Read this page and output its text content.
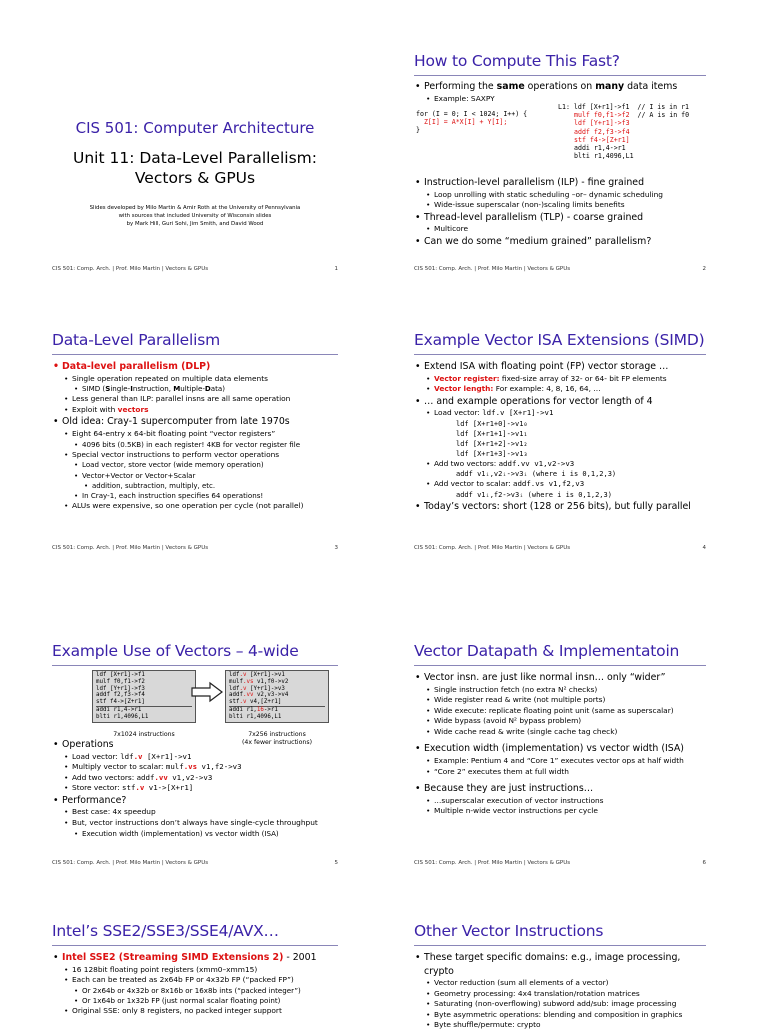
CIS 501: Computer Architecture
Unit 11: Data-Level Parallelism:
Vectors & GPUs
Slides developed by Milo Martin & Amir Roth at the University of Pennsylvania
with sources that included University of Wisconsin slides
by Mark Hill, Guri Sohi, Jim Smith, and David Wood
CIS 501: Comp. Arch. | Prof. Milo Martin | Vectors & GPUs	1
How to Compute This Fast?
• Performing the same operations on many data items
• Example: SAXPY
for (I = 0; I < 1024; I++) {
Z[I] = A*X[I] + Y[I];
}
L1: ldf [X+r1]->f1  // I is in r1
mulf f0,f1->f2  // A is in f0
ldf [Y+r1]->f3
addf f2,f3->f4
stf f4->[Z+r1]
addi r1,4->r1
blti r1,4096,L1
• Instruction-level parallelism (ILP) - fine grained
• Loop unrolling with static scheduling –or– dynamic scheduling
• Wide-issue superscalar (non-)scaling limits benefits
• Thread-level parallelism (TLP) - coarse grained
• Multicore
• Can we do some “medium grained” parallelism?
CIS 501: Comp. Arch. | Prof. Milo Martin | Vectors & GPUs	2
Data-Level Parallelism
• Data-level parallelism (DLP)
• Single operation repeated on multiple data elements
• SIMD (Single-Instruction, Multiple-Data)
• Less general than ILP: parallel insns are all same operation
• Exploit with vectors
• Old idea: Cray-1 supercomputer from late 1970s
• Eight 64-entry x 64-bit floating point “vector registers”
• 4096 bits (0.5KB) in each register! 4KB for vector register file
• Special vector instructions to perform vector operations
• Load vector, store vector (wide memory operation)
• Vector+Vector or Vector+Scalar
• addition, subtraction, multiply, etc.
• In Cray-1, each instruction specifies 64 operations!
• ALUs were expensive, so one operation per cycle (not parallel)
CIS 501: Comp. Arch. | Prof. Milo Martin | Vectors & GPUs	3
Example Vector ISA Extensions (SIMD)
• Extend ISA with floating point (FP) vector storage …
• Vector register: fixed-size array of 32- or 64- bit FP elements
• Vector length: For example: 4, 8, 16, 64, …
• … and example operations for vector length of 4
• Load vector: ldf.v [X+r1]->v1
ldf [X+r1+0]->v1₀
ldf [X+r1+1]->v1₁
ldf [X+r1+2]->v1₂
ldf [X+r1+3]->v1₃
• Add two vectors: addf.vv v1,v2->v3
addf v1ᵢ,v2ᵢ->v3ᵢ (where i is 0,1,2,3)
• Add vector to scalar: addf.vs v1,f2,v3
addf v1ᵢ,f2->v3ᵢ (where i is 0,1,2,3)
• Today’s vectors: short (128 or 256 bits), but fully parallel
CIS 501: Comp. Arch. | Prof. Milo Martin | Vectors & GPUs	4
Example Use of Vectors – 4-wide
ldf [X+r1]->f1
mulf f0,f1->f2
ldf [Y+r1]->f3
addf f2,f3->f4
stf f4->[Z+r1]
addi r1,4->r1
blti r1,4096,L1
ldf.v [X+r1]->v1
mulf.vs v1,f0->v2
ldf.v [Y+r1]->v3
addf.vv v2,v3->v4
stf.v v4,[Z+r1]
addi r1,16->r1
blti r1,4096,L1
7x1024 instructions	7x256 instructions
(4x fewer instructions)
• Operations
• Load vector: ldf.v [X+r1]->v1
• Multiply vector to scalar: mulf.vs v1,f2->v3
• Add two vectors: addf.vv v1,v2->v3
• Store vector: stf.v v1->[X+r1]
• Performance?
• Best case: 4x speedup
• But, vector instructions don’t always have single-cycle throughput
• Execution width (implementation) vs vector width (ISA)
CIS 501: Comp. Arch. | Prof. Milo Martin | Vectors & GPUs	5
Vector Datapath & Implementatoin
• Vector insn. are just like normal insn… only “wider”
• Single instruction fetch (no extra N² checks)
• Wide register read & write (not multiple ports)
• Wide execute: replicate floating point unit (same as superscalar)
• Wide bypass (avoid N² bypass problem)
• Wide cache read & write (single cache tag check)
• Execution width (implementation) vs vector width (ISA)
• Example: Pentium 4 and “Core 1” executes vector ops at half width
• “Core 2” executes them at full width
• Because they are just instructions…
• …superscalar execution of vector instructions
• Multiple n-wide vector instructions per cycle
CIS 501: Comp. Arch. | Prof. Milo Martin | Vectors & GPUs	6
Intel’s SSE2/SSE3/SSE4/AVX…
• Intel SSE2 (Streaming SIMD Extensions 2) - 2001
• 16 128bit floating point registers (xmm0–xmm15)
• Each can be treated as 2x64b FP or 4x32b FP (“packed FP”)
• Or 2x64b or 4x32b or 8x16b or 16x8b ints (“packed integer”)
• Or 1x64b or 1x32b FP (just normal scalar floating point)
• Original SSE: only 8 registers, no packed integer support
Other Vector Instructions
• These target specific domains: e.g., image processing, crypto
• Vector reduction (sum all elements of a vector)
• Geometry processing: 4x4 translation/rotation matrices
• Saturating (non-overflowing) subword add/sub: image processing
• Byte asymmetric operations: blending and composition in graphics
• Byte shuffle/permute: crypto
